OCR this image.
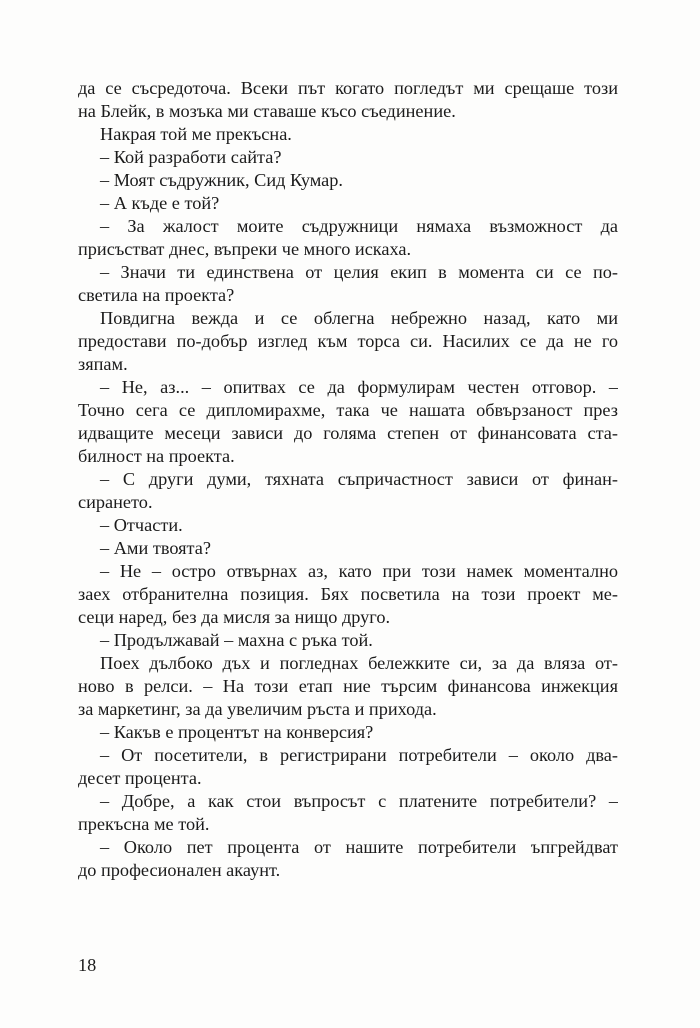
да се съсредоточа. Всеки път когато погледът ми срещаше този
на Блейк, в мозъка ми ставаше късо съединение.
Накрая той ме прекъсна.
– Кой разработи сайта?
– Моят съдружник, Сид Кумар.
– А къде е той?
– За жалост моите съдружници нямаха възможност да
присъстват днес, въпреки че много искаха.
– Значи ти единствена от целия екип в момента си се по-
светила на проекта?
Повдигна вежда и се облегна небрежно назад, като ми
предостави по-добър изглед към торса си. Насилих се да не го
зяпам.
– Не, аз... – опитвах се да формулирам честен отговор. –
Точно сега се дипломирахме, така че нашата обвързаност през
идващите месеци зависи до голяма степен от финансовата ста-
билност на проекта.
– С други думи, тяхната съпричастност зависи от финан-
сирането.
– Отчасти.
– Ами твоята?
– Не – остро отвърнах аз, като при този намек моментално
заех отбранителна позиция. Бях посветила на този проект ме-
сеци наред, без да мисля за нищо друго.
– Продължавай – махна с ръка той.
Поех дълбоко дъх и погледнах бележките си, за да вляза от-
ново в релси. – На този етап ние търсим финансова инжекция
за маркетинг, за да увеличим ръста и прихода.
– Какъв е процентът на конверсия?
– От посетители, в регистрирани потребители – около два-
десет процента.
– Добре, а как стои въпросът с платените потребители? –
прекъсна ме той.
– Около пет процента от нашите потребители ъпгрейдват
до професионален акаунт.
18
